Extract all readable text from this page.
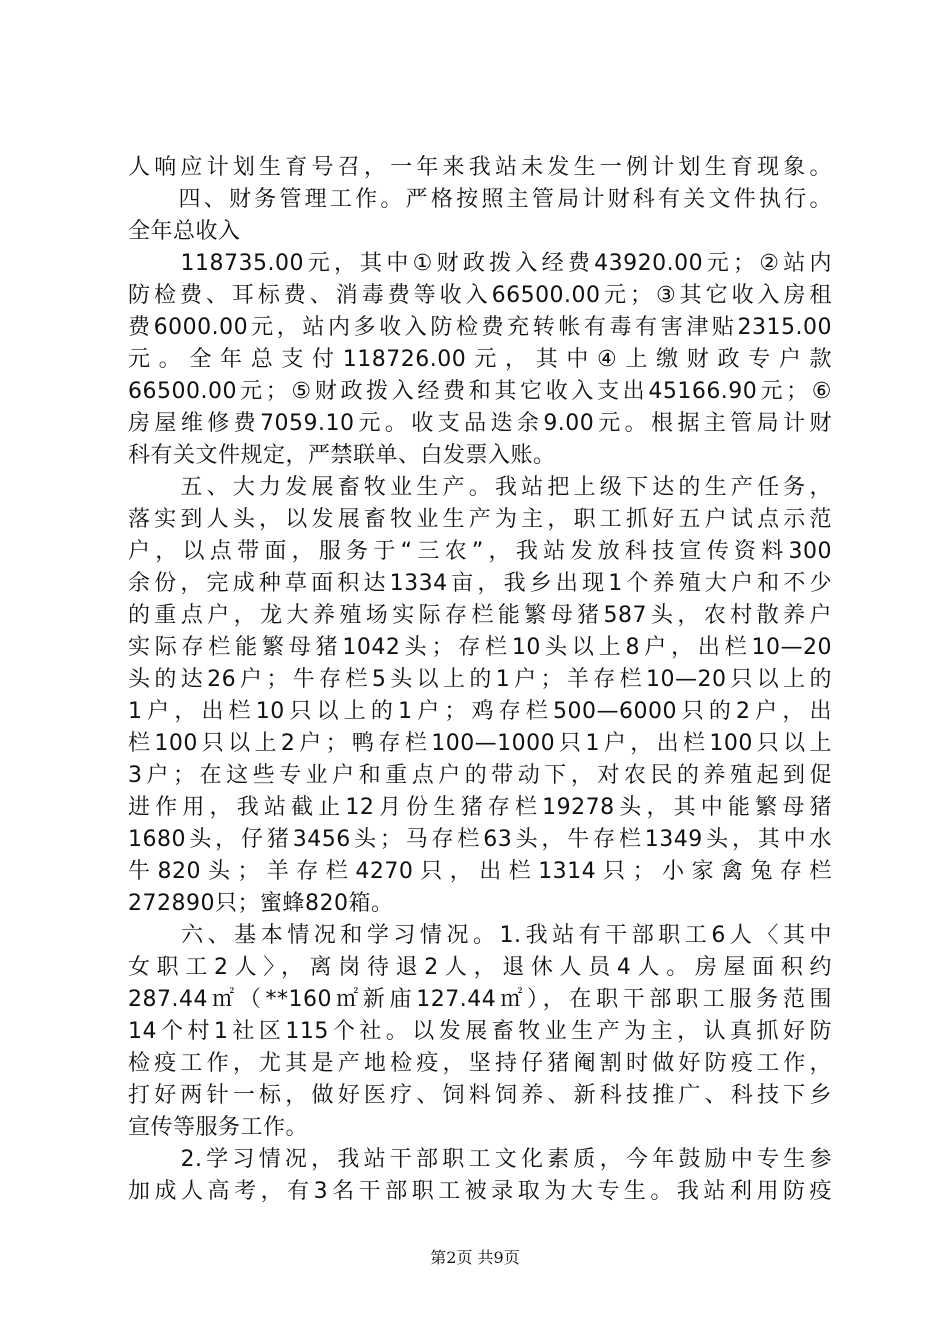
人响应计划生育号召，一年来我站未发生一例计划生育现象。
　　四、财务管理工作。严格按照主管局计财科有关文件执行。
全年总收入
　　118735.00元，其中①财政拨入经费43920.00元；②站内
防检费、耳标费、消毒费等收入66500.00元；③其它收入房租
费6000.00元，站内多收入防检费充转帐有毒有害津贴2315.00
元。全年总支付118726.00元，其中④上缴财政专户款
66500.00元；⑤财政拨入经费和其它收入支出45166.90元；⑥
房屋维修费7059.10元。收支品迭余9.00元。根据主管局计财
科有关文件规定，严禁联单、白发票入账。
　　五、大力发展畜牧业生产。我站把上级下达的生产任务，
落实到人头，以发展畜牧业生产为主，职工抓好五户试点示范
户，以点带面，服务于“三农”，我站发放科技宣传资料300
余份，完成种草面积达1334亩，我乡出现1个养殖大户和不少
的重点户，龙大养殖场实际存栏能繁母猪587头，农村散养户
实际存栏能繁母猪1042头；存栏10头以上8户，出栏10—20
头的达26户；牛存栏5头以上的1户；羊存栏10—20只以上的
1户，出栏10只以上的1户；鸡存栏500—6000只的2户，出
栏100只以上2户；鸭存栏100—1000只1户，出栏100只以上
3户；在这些专业户和重点户的带动下，对农民的养殖起到促
进作用，我站截止12月份生猪存栏19278头，其中能繁母猪
1680头，仔猪3456头；马存栏63头，牛存栏1349头，其中水
牛820头；羊存栏4270只，出栏1314只；小家禽兔存栏
272890只；蜜蜂820箱。
　　六、基本情况和学习情况。1.我站有干部职工6人〈其中
女职工2人〉，离岗待退2人，退休人员4人。房屋面积约
287.44㎡（**160㎡新庙127.44㎡），在职干部职工服务范围
14个村1社区115个社。以发展畜牧业生产为主，认真抓好防
检疫工作，尤其是产地检疫，坚持仔猪阉割时做好防疫工作，
打好两针一标，做好医疗、饲料饲养、新科技推广、科技下乡
宣传等服务工作。
　　2.学习情况，我站干部职工文化素质，今年鼓励中专生参
加成人高考，有3名干部职工被录取为大专生。我站利用防疫
第2页 共9页
